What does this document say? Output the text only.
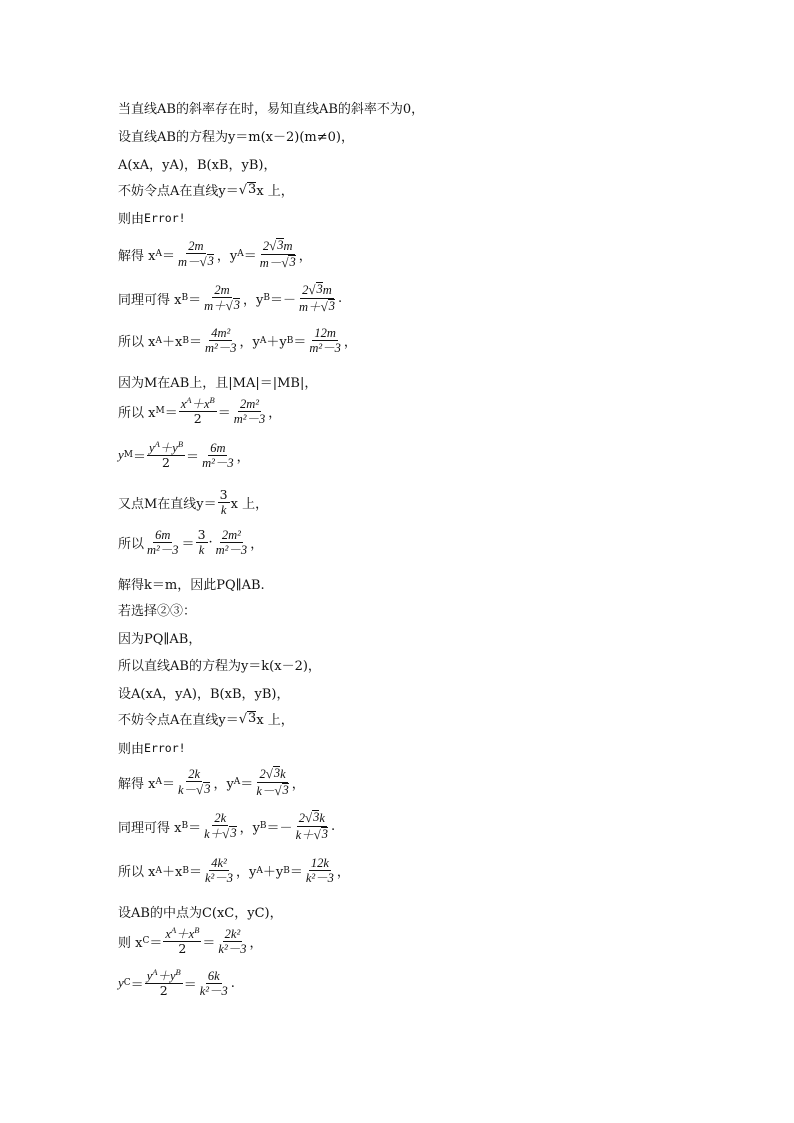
当直线AB的斜率存在时，易知直线AB的斜率不为0，
设直线AB的方程为y＝m(x－2)(m≠0)，
A(xA，yA)，B(xB，yB)，
不妨令点A在直线y＝ √ 3 x 上，
则由 Error!
解得 x $A = \frac{2m}{m- √ 3}$ ，y $A = \frac{2 √ 3 m}{m- √ 3}$ ，
同理可得 x $B = \frac{2m}{m+ √ 3}$ ，y $B =- \frac{2 √ 3 m}{m+ √ 3}$ .
所以 x A ＋x $B = \frac{\text{4m²}}{\text{m²－3}}$ ，y A ＋y $B = \frac{12m}{\text{m²－3}}$ ，
因为M在AB上，且|MA|＝|MB|，
所以 x $M = \frac{x^A+x^B}{2} = \frac{\text{2m²}}{\text{m²－3}}$ ，
y $M = \frac{y^A+y^B}{2} = \frac{6m}{\text{m²－3}}$ ，
又点M在直线$y= \frac{3}{k}$ x 上，
所以 $\frac{6m}{\text{m²－3}} = \frac{3}{k} \cdot \frac{\text{2m²}}{\text{m²－3}}$ ，
解得k＝m，因此PQ∥AB.
若选择②③：
因为PQ∥AB，
所以直线AB的方程为y＝k(x－2)，
设A(xA，yA)，B(xB，yB)，
不妨令点A在直线y＝ √ 3 x 上，
则由 Error!
解得 x $A = \frac{2k}{k- √ 3}$ ，y $A = \frac{2 √ 3 k}{k- √ 3}$ ，
同理可得 x $B = \frac{2k}{k+ √ 3}$ ，y $B =- \frac{2 √ 3 k}{k+ √ 3}$ .
所以 x A ＋x $B = \frac{\text{4k²}}{\text{k²－3}}$ ，y A ＋y $B = \frac{12k}{\text{k²－3}}$ ，
设AB的中点为C(xC，yC)，
则 x $C = \frac{x^A+x^B}{2} = \frac{\text{2k²}}{\text{k²－3}}$ ，
y $C = \frac{y^A+y^B}{2} = \frac{6k}{\text{k²－3}}$ .
